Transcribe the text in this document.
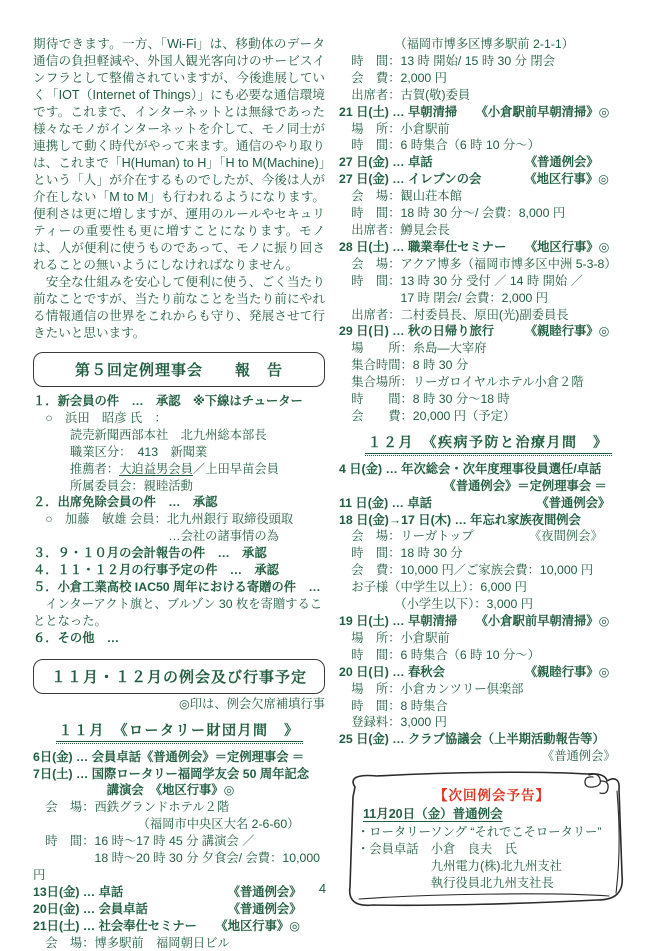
期待できます。一方、「Wi-Fi」は、移動体のデータ通信の負担軽減や、外国人観光客向けのサービスインフラとして整備されていますが、今後進展していく「IOT（Internet of Things）」にも必要な通信環境です。これまで、インターネットとは無縁であった様々なモノがインターネットを介して、モノ同士が連携して動く時代がやって来ます。通信のやり取りは、これまで「H(Human) to H」「H to M(Machine)」という「人」が介在するものでしたが、今後は人が介在しない「M to M」も行われるようになります。便利さは更に増しますが、運用のルールやセキュリティーの重要性も更に増すことになります。モノは、人が便利に使うものであって、モノに振り回されることの無いようにしなければなりません。

　安全な仕組みを安心して便利に使う、ごく当たり前なことですが、当たり前なことを当たり前にやれる情報通信の世界をこれからも守り、発展させて行きたいと思います。

第５回定例理事会　　報　告
１．新会員の件　…　承認　※下線はチューター
　○　浜田　昭彦 氏　：
　　　読売新聞西部本社　北九州総本部長
　　　職業区分：　413　新聞業
　　　推薦者：大迫益男会員／上田早苗会員
　　　所属委員会：親睦活動
２．出席免除会員の件　…　承認
　○　加藤　敏雄 会員：北九州銀行 取締役頭取
　　　　　　　　　　　…会社の諸事情の為
３．９・１０月の会計報告の件　…　承認
４．１１・１２月の行事予定の件　…　承認
５．小倉工業高校 IAC50 周年における寄贈の件　…
　インターアクト旗と、ブルゾン 30 枚を寄贈するこ
ととなった。
６．その他　…
１１月・１２月の例会及び行事予定
◎印は、例会欠席補填行事
１１月　《ロータリー財団月間　》
6日(金) … 会員卓話《普通例会》＝定例理事会 ＝
7日(土) … 国際ロータリー福岡学友会 50 周年記念
　　　　　　講演会　《地区行事》◎
　会　場：西鉄グランドホテル２階
　　　　　　　　　（福岡市中央区大名 2-6-60）
　時　間：16 時～17 時 45 分 講演会 ／
　　　　　18 時～20 時 30 分 夕食会/ 会費：10,000 円
13日(金) … 卓話　　　　　　　　　《普通例会》
20日(金) … 会員卓話　　　　　　　《普通例会》
21日(土) … 社会奉仕セミナー　　《地区行事》◎
　会　場：博多駅前　福岡朝日ビル
　　　　　（福岡市博多区博多駅前 2-1-1）
　時　間：13 時 開始/ 15 時 30 分 閉会
　会　費：2,000 円
　出席者：古賀(敬)委員
21 日(土) … 早朝清掃　　《小倉駅前早朝清掃》◎
　場　所：小倉駅前
　時　間：6 時集合（6 時 10 分～）
27 日(金) … 卓話　　　　　　　　《普通例会》
27 日(金) … イレブンの会　　　　《地区行事》◎
　会　場：観山荘本館
　時　間：18 時 30 分～/ 会費：8,000 円
　出席者：鱒見会長
28 日(土) … 職業奉仕セミナー　　《地区行事》◎
　会　場：アクア博多（福岡市博多区中洲 5-3-8）
　時　間：13 時 30 分 受付 ／ 14 時 開始 ／
　　　　　17 時 閉会/ 会費：2,000 円
　出席者：二村委員長、原田(光)副委員長
29 日(日) … 秋の日帰り旅行　　　《親睦行事》◎
　場　　所：糸島―大宰府
　集合時間：8 時 30 分
　集合場所：リーガロイヤルホテル小倉２階
　時　　間：8 時 30 分～18 時
　会　　費：20,000 円（予定）
１２月　《疾病予防と治療月間　》
4 日(金) … 年次総会・次年度理事役員選任/卓話
　　　　　　　　　《普通例会》＝定例理事会 ＝
11 日(金) … 卓話　　　　　　　　　《普通例会》
18 日(金)→17 日(木) … 年忘れ家族夜間例会
　会　場：リーガトップ　　　　　《夜間例会》
　時　間：18 時 30 分
　会　費：10,000 円／ご家族会費：10,000 円
　お子様（中学生以上）：6,000 円
　　　　　（小学生以下）：3,000 円
19 日(土) … 早朝清掃　　《小倉駅前早朝清掃》◎
　場　所：小倉駅前
　時　間：6 時集合（6 時 10 分～）
20 日(日) … 春秋会　　　　　　　《親睦行事》◎
　場　所：小倉カンツリー倶楽部
　時　間：8 時集合
　登録料：3,000 円
25 日(金) … クラブ協議会（上半期活動報告等）
　　　　　　　　　　　　　　　　　《普通例会》
【次回例会予告】
11月20日（金）普通例会
・ロータリーソング “それでこそロータリー”
・会員卓話　小倉　良夫　氏
　　　　　　九州電力(株)北九州支社
　　　　　　執行役員北九州支社長
4
